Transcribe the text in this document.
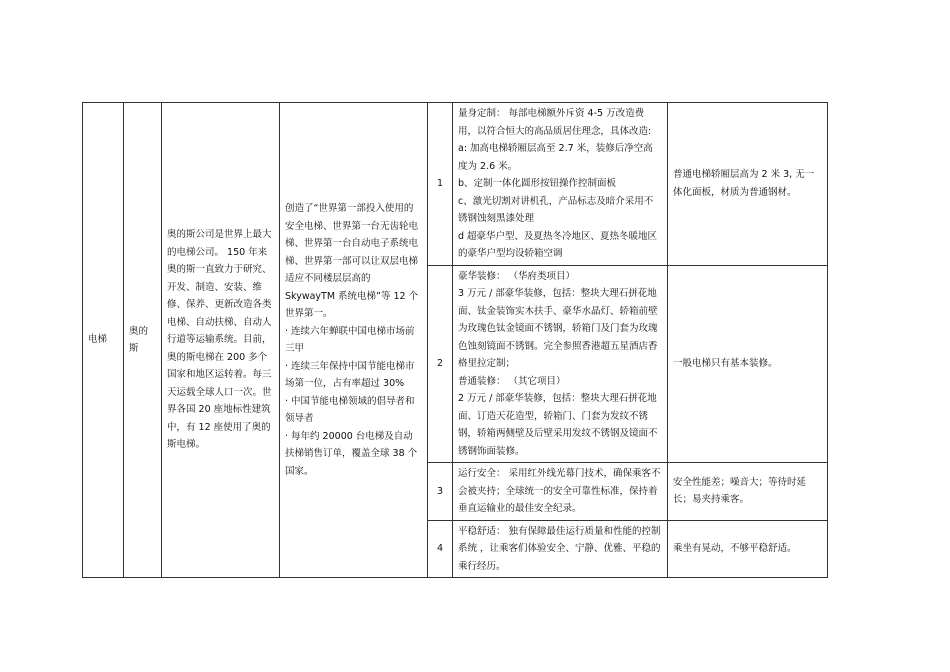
电梯	奥的斯	奥的斯公司是世界上最大的电梯公司。 150 年来奥的斯一直致力于研究、开发、制造、安装、维修、保养、更新改造各类电梯、自动扶梯、自动人行道等运输系统。目前，奥的斯电梯在 200 多个国家和地区运转着。每三天运载全球人口一次。世界各国 20 座地标性建筑中，有 12 座使用了奥的斯电梯。	创造了“世界第一部投入使用的安全电梯、世界第一台无齿轮电梯、世界第一台自动电子系统电梯、世界第一部可以让双层电梯适应不同楼层层高的 SkywayTM 系统电梯”等 12 个世界第一。
· 连续六年蝉联中国电梯市场前三甲
· 连续三年保持中国节能电梯市场第一位，占有率超过 30%
· 中国节能电梯领域的倡导者和领导者
· 每年约 20000 台电梯及自动扶梯销售订单，覆盖全球 38 个国家。	1	量身定制： 每部电梯额外斥资 4-5 万改造费用，以符合恒大的高品质居住理念，具体改造:
a: 加高电梯轿厢层高至 2.7 米，装修后净空高度为 2.6 米。
b、定制一体化圆形按钮操作控制面板
c、激光切割对讲机孔，产品标志及暗介采用不锈钢蚀刻黑漆处理
d 超豪华户型、及夏热冬冷地区、夏热冬暖地区的豪华户型均设轿箱空调	普通电梯轿厢层高为 2 米 3, 无一体化面板，材质为普通钢材。
				2	豪华装修： （华府类项目）
3 万元 / 部豪华装修，包括：整块大理石拼花地面、钛金装饰实木扶手、豪华水晶灯、轿箱前壁为玫瑰色钛金镜面不锈钢，轿箱门及门套为玫瑰色蚀刻镜面不锈钢。完全参照香港超五星酒店香格里拉定制；
普通装修： （其它项目）
2 万元 / 部豪华装修，包括：整块大理石拼花地面、订造天花造型，轿箱门、门套为发纹不锈钢，轿箱两侧壁及后壁采用发纹不锈钢及镜面不锈钢饰面装修。	一般电梯只有基本装修。
				3	运行安全： 采用红外线光幕门技术，确保乘客不会被夹持；全球统一的安全可靠性标准，保持着垂直运输业的最佳安全纪录。	安全性能差；噪音大；等待时延长；易夹持乘客。
				4	平稳舒适： 独有保障最佳运行质量和性能的控制系统 ，让乘客们体验安全、宁静、优雅、平稳的乘行经历。	乘坐有晃动，不够平稳舒适。
